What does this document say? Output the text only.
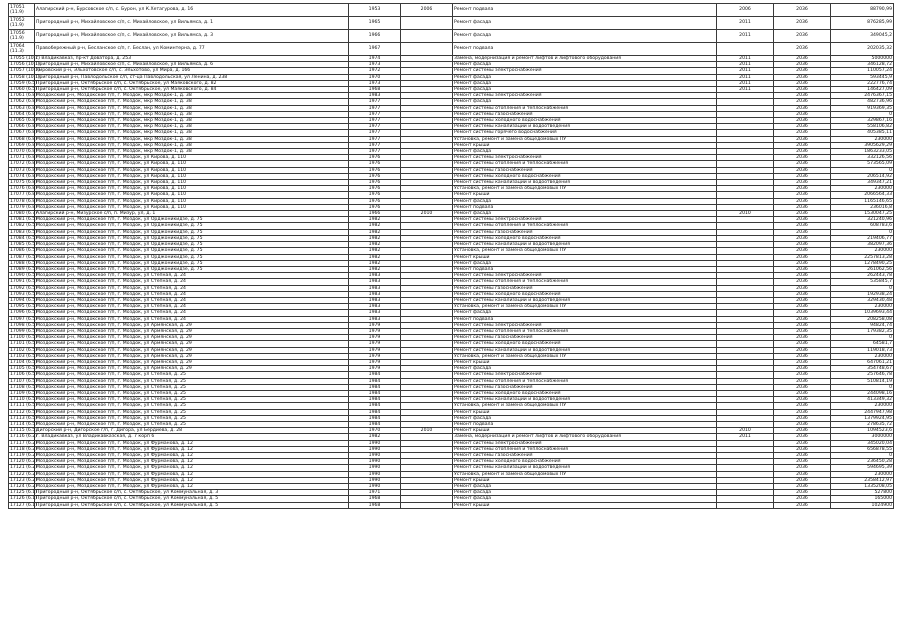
17051 (11.9)	Алагирский р-н, Бурсовское с/п, с. Бурон, ул К.Хетагурова, д. 16	1953	2006	Ремонт подвала	2006	2036	88790,99
17052 (11.9)	Пригородный р-н, Михайловское с/п, с. Михайловское, ул Вильямса, д. 1	1965		Ремонт фасада	2011	2036	876285,99
17056 (11.9)	Пригородный р-н, Михайловское с/п, с. Михайловское, ул Вильямса, д. 3	1966		Ремонт фасада	2011	2036	349045,2
17064 (11.3)	Правобережный р-н, Бесланское с/п, г. Беслан, ул Коминтерна, д. 77	1967		Ремонт подвала		2036	202035,32
17055 (10.1)	г. Владикавказ, пр-кт Доватора, д. 253	1974		Замена, модернизация и ремонт лифтов и лифтового оборудования	2011	2036	5000000
17056 (10.1)	Пригородный р-н, Михайловское с/п, с. Михайловское, ул Вильямса, д. 6	1973		Ремонт фасада	2011	2036	346128,72
17057 (10.1)	Кировский р-н, Эльхотовское с/п, с. Эльхотово, ул Мира, д. 166	1972		Ремонт системы электроснабжения	2011	2036	110057,24
17058 (10.1)	Пригородный р-н, Павлодольское с/п, ст-ца Павлодольская, ул Ленина, д. 238	1970		Ремонт фасада	2011	2036	593445,9
17059 (6.5)	Пригородный р-н, Октябрьское с/п, с. Октябрьское, ул Маяковского, д. 82	1973		Ремонт фасада	2011	2036	222776,74
17060 (6.5)	Пригородный р-н, Октябрьское с/п, с. Октябрьское, ул Маяковского, д. 84	1968		Ремонт фасада	2011	2036	146427,09
17061 (6.8)	Моздокский р-н, Моздокское г/п, г. Моздок, мкр Моздок-1, д. 38	1983		Ремонт системы электроснабжения		2036	2476367,15
17062 (6.8)	Моздокский р-н, Моздокское г/п, г. Моздок, мкр Моздок-1, д. 38	1977		Ремонт фасада		2036	482736,96
17063 (6.8)	Моздокский р-н, Моздокское г/п, г. Моздок, мкр Моздок-1, д. 38	1977		Ремонт системы отопления и теплоснабжения		2036	919369,35
17064 (6.8)	Моздокский р-н, Моздокское г/п, г. Моздок, мкр Моздок-1, д. 38	1977		Ремонт системы газоснабжения		2036	0
17065 (6.8)	Моздокский р-н, Моздокское г/п, г. Моздок, мкр Моздок-1, д. 38	1977		Ремонт системы холодного водоснабжения		2036	329867,16
17066 (6.8)	Моздокский р-н, Моздокское г/п, г. Моздок, мкр Моздок-1, д. 38	1977		Ремонт системы канализации и водоотведения		2036	558106,82
17067 (6.8)	Моздокский р-н, Моздокское г/п, г. Моздок, мкр Моздок-1, д. 38	1977		Ремонт системы горячего водоснабжения		2036	405385,11
17068 (6.8)	Моздокский р-н, Моздокское г/п, г. Моздок, мкр Моздок-1, д. 38	1977		Установка, ремонт и замена общедомовых ПУ		2036	230000
17069 (6.8)	Моздокский р-н, Моздокское г/п, г. Моздок, мкр Моздок-1, д. 38	1977		Ремонт крыши		2036	3905629,29
17070 (6.8)	Моздокский р-н, Моздокское г/п, г. Моздок, мкр Моздок-1, д. 38	1977		Ремонт фасада		2036	1863233,05
17071 (6.8)	Моздокский р-н, Моздокское г/п, г. Моздок, ул Кирова, д. 110	1976		Ремонт системы электроснабжения		2036	332126,56
17072 (6.8)	Моздокский р-н, Моздокское г/п, г. Моздок, ул Кирова, д. 110	1976		Ремонт системы отопления и теплоснабжения		2036	573565,09
17073 (6.8)	Моздокский р-н, Моздокское г/п, г. Моздок, ул Кирова, д. 110	1976		Ремонт системы газоснабжения		2036	0
17074 (6.8)	Моздокский р-н, Моздокское г/п, г. Моздок, ул Кирова, д. 110	1976		Ремонт системы холодного водоснабжения		2036	206514,92
17075 (6.8)	Моздокский р-н, Моздокское г/п, г. Моздок, ул Кирова, д. 110	1976		Ремонт системы канализации и водоотведения		2036	349347,21
17076 (6.8)	Моздокский р-н, Моздокское г/п, г. Моздок, ул Кирова, д. 110	1976		Установка, ремонт и замена общедомовых ПУ		2036	230000
17077 (6.8)	Моздокский р-н, Моздокское г/п, г. Моздок, ул Кирова, д. 110	1976		Ремонт крыши		2036	2066564,33
17078 (6.8)	Моздокский р-н, Моздокское г/п, г. Моздок, ул Кирова, д. 110	1976		Ремонт фасада		2036	1165146,65
17079 (6.8)	Моздокский р-н, Моздокское г/п, г. Моздок, ул Кирова, д. 110	1976		Ремонт подвала		2036	236016,8
17080 (6.7)	Алагирский р-н, Мизурское с/п, п. Мизур, ул, д. 1	1966	2010	Ремонт фасада	2010	2036	1530047,25
17081 (6.5)	Моздокский р-н, Моздокское г/п, г. Моздок, ул Орджоникидзе, д. 75	1982		Ремонт системы электроснабжения		2036	321240,96
17082 (6.5)	Моздокский р-н, Моздокское г/п, г. Моздок, ул Орджоникидзе, д. 75	1982		Ремонт системы отопления и теплоснабжения		2036	608783,6
17083 (6.5)	Моздокский р-н, Моздокское г/п, г. Моздок, ул Орджоникидзе, д. 75	1982		Ремонт системы газоснабжения		2036	0
17084 (6.5)	Моздокский р-н, Моздокское г/п, г. Моздок, ул Орджоникидзе, д. 75	1982		Ремонт системы холодного водоснабжения		2036	219406,77
17085 (6.5)	Моздокский р-н, Моздокское г/п, г. Моздок, ул Орджоникидзе, д. 75	1982		Ремонт системы канализации и водоотведения		2036	382097,36
17086 (6.5)	Моздокский р-н, Моздокское г/п, г. Моздок, ул Орджоникидзе, д. 75	1982		Установка, ремонт и замена общедомовых ПУ		2036	230000
17087 (6.5)	Моздокский р-н, Моздокское г/п, г. Моздок, ул Орджоникидзе, д. 75	1982		Ремонт крыши		2036	2257813,28
17088 (6.5)	Моздокский р-н, Моздокское г/п, г. Моздок, ул Орджоникидзе, д. 75	1982		Ремонт фасада		2036	1278490,25
17089 (6.5)	Моздокский р-н, Моздокское г/п, г. Моздок, ул Орджоникидзе, д. 75	1982		Ремонт подвала		2036	261062,56
17090 (6.5)	Моздокский р-н, Моздокское г/п, г. Моздок, ул Степная, д. 24	1983		Ремонт системы электроснабжения		2036	262443,78
17091 (6.5)	Моздокский р-н, Моздокское г/п, г. Моздок, ул Степная, д. 24	1983		Ремонт системы отопления и теплоснабжения		2036	535845,7
17092 (6.5)	Моздокский р-н, Моздокское г/п, г. Моздок, ул Степная, д. 24	1983		Ремонт системы газоснабжения		2036	0
17093 (6.5)	Моздокский р-н, Моздокское г/п, г. Моздок, ул Степная, д. 24	1983		Ремонт системы холодного водоснабжения		2036	192938,24
17094 (6.5)	Моздокский р-н, Моздокское г/п, г. Моздок, ул Степная, д. 24	1983		Ремонт системы канализации и водоотведения		2036	329430,48
17095 (6.5)	Моздокский р-н, Моздокское г/п, г. Моздок, ул Степная, д. 24	1983		Установка, ремонт и замена общедомовых ПУ		2036	230000
17096 (6.5)	Моздокский р-н, Моздокское г/п, г. Моздок, ул Степная, д. 24	1983		Ремонт фасада		2036	1039693,44
17097 (6.5)	Моздокский р-н, Моздокское г/п, г. Моздок, ул Степная, д. 24	1983		Ремонт подвала		2036	208258,08
17098 (6.5)	Моздокский р-н, Моздокское г/п, г. Моздок, ул Армянская, д. 29	1979		Ремонт системы электроснабжения		2036	94824,74
17099 (6.5)	Моздокский р-н, Моздокское г/п, г. Моздок, ул Армянская, д. 29	1979		Ремонт системы отопления и теплоснабжения		2036	179382,35
17100 (6.5)	Моздокский р-н, Моздокское г/п, г. Моздок, ул Армянская, д. 29	1979		Ремонт системы газоснабжения		2036	0
17101 (6.5)	Моздокский р-н, Моздокское г/п, г. Моздок, ул Армянская, д. 29	1979		Ремонт системы холодного водоснабжения		2036	64581,7
17102 (6.5)	Моздокский р-н, Моздокское г/п, г. Моздок, ул Армянская, д. 29	1979		Ремонт системы канализации и водоотведения		2036	119018,73
17103 (6.5)	Моздокский р-н, Моздокское г/п, г. Моздок, ул Армянская, д. 29	1979		Установка, ремонт и замена общедомовых ПУ		2036	230000
17104 (6.5)	Моздокский р-н, Моздокское г/п, г. Моздок, ул Армянская, д. 29	1979		Ремонт крыши		2036	647061,21
17105 (6.5)	Моздокский р-н, Моздокское г/п, г. Моздок, ул Армянская, д. 29	1979		Ремонт фасада		2036	354748,67
17106 (6.5)	Моздокский р-н, Моздокское г/п, г. Моздок, ул Степная, д. 25	1984		Ремонт системы электроснабжения		2036	257646,78
17107 (6.5)	Моздокский р-н, Моздокское г/п, г. Моздок, ул Степная, д. 25	1984		Ремонт системы отопления и теплоснабжения		2036	510814,19
17108 (6.5)	Моздокский р-н, Моздокское г/п, г. Моздок, ул Степная, д. 25	1984		Ремонт системы газоснабжения		2036	0
17109 (6.5)	Моздокский р-н, Моздокское г/п, г. Моздок, ул Степная, д. 25	1984		Ремонт системы холодного водоснабжения		2036	244098,16
17110 (6.5)	Моздокский р-н, Моздокское г/п, г. Моздок, ул Степная, д. 25	1984		Ремонт системы канализации и водоотведения		2036	413349,32
17111 (6.5)	Моздокский р-н, Моздокское г/п, г. Моздок, ул Степная, д. 25	1984		Установка, ремонт и замена общедомовых ПУ		2036	230000
17112 (6.5)	Моздокский р-н, Моздокское г/п, г. Моздок, ул Степная, д. 25	1984		Ремонт крыши		2036	2447947,98
17113 (6.5)	Моздокский р-н, Моздокское г/п, г. Моздок, ул Степная, д. 25	1984		Ремонт фасада		2036	1379924,95
17114 (6.5)	Моздокский р-н, Моздокское г/п, г. Моздок, ул Степная, д. 25	1984		Ремонт подвала		2036	278635,72
17115 (6.5)	Дигорский р-н, Дигорское г/п, г. Дигора, ул Бердиева, д. 28	1970	2010	Ремонт крыши	2010	2036	1094523,6
17116 (6.2)	г. Владикавказ, ул Владикавказская, д. 7 корп 6	1982		Замена, модернизация и ремонт лифтов и лифтового оборудования	2011	2036	3000000
17117 (6.2)	Моздокский р-н, Моздокское г/п, г. Моздок, ул Фурманова, д. 12	1990		Ремонт системы электроснабжения		2036	345020,04
17118 (6.2)	Моздокский р-н, Моздокское г/п, г. Моздок, ул Фурманова, д. 12	1990		Ремонт системы отопления и теплоснабжения		2036	656878,55
17119 (6.2)	Моздокский р-н, Моздокское г/п, г. Моздок, ул Фурманова, д. 12	1990		Ремонт системы газоснабжения		2036	0
17120 (6.2)	Моздокский р-н, Моздокское г/п, г. Моздок, ул Фурманова, д. 12	1990		Ремонт системы холодного водоснабжения		2036	236450,28
17121 (6.2)	Моздокский р-н, Моздокское г/п, г. Моздок, ул Фурманова, д. 12	1990		Ремонт системы канализации и водоотведения		2036	594695,39
17122 (6.2)	Моздокский р-н, Моздокское г/п, г. Моздок, ул Фурманова, д. 12	1990		Установка, ремонт и замена общедомовых ПУ		2036	230000
17123 (6.2)	Моздокский р-н, Моздокское г/п, г. Моздок, ул Фурманова, д. 12	1990		Ремонт крыши		2036	2358412,97
17124 (6.2)	Моздокский р-н, Моздокское г/п, г. Моздок, ул Фурманова, д. 12	1990		Ремонт фасада		2036	1335208,05
17125 (6.1)	Пригородный р-н, Октябрьское с/п, с. Октябрьское, ул Коммунальная, д. 3	1971		Ремонт фасада		2036	527800
17126 (6.1)	Пригородный р-н, Октябрьское с/п, с. Октябрьское, ул Коммунальная, д. 5	1968		Ремонт фасада		2036	165000
17127 (6.1)	Пригородный р-н, Октябрьское с/п, с. Октябрьское, ул Коммунальная, д. 5	1968		Ремонт крыши		2036	1024900
